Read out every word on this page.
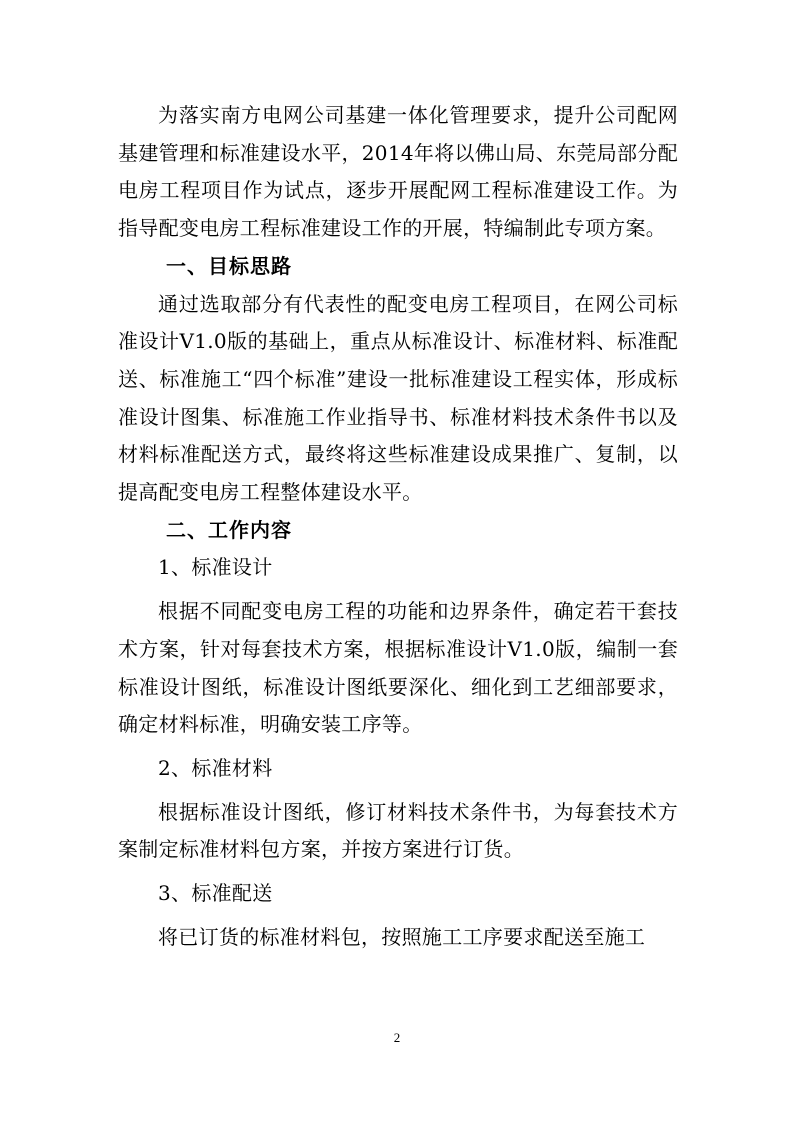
为落实南方电网公司基建一体化管理要求，提升公司配网基建管理和标准建设水平，2014年将以佛山局、东莞局部分配电房工程项目作为试点，逐步开展配网工程标准建设工作。为指导配变电房工程标准建设工作的开展，特编制此专项方案。

一、目标思路

通过选取部分有代表性的配变电房工程项目，在网公司标准设计V1.0版的基础上，重点从标准设计、标准材料、标准配送、标准施工“四个标准”建设一批标准建设工程实体，形成标准设计图集、标准施工作业指导书、标准材料技术条件书以及材料标准配送方式，最终将这些标准建设成果推广、复制，以提高配变电房工程整体建设水平。

二、工作内容

1、标准设计

根据不同配变电房工程的功能和边界条件，确定若干套技术方案，针对每套技术方案，根据标准设计V1.0版，编制一套标准设计图纸，标准设计图纸要深化、细化到工艺细部要求，确定材料标准，明确安装工序等。

2、标准材料

根据标准设计图纸，修订材料技术条件书，为每套技术方案制定标准材料包方案，并按方案进行订货。

3、标准配送

将已订货的标准材料包，按照施工工序要求配送至施工

2
